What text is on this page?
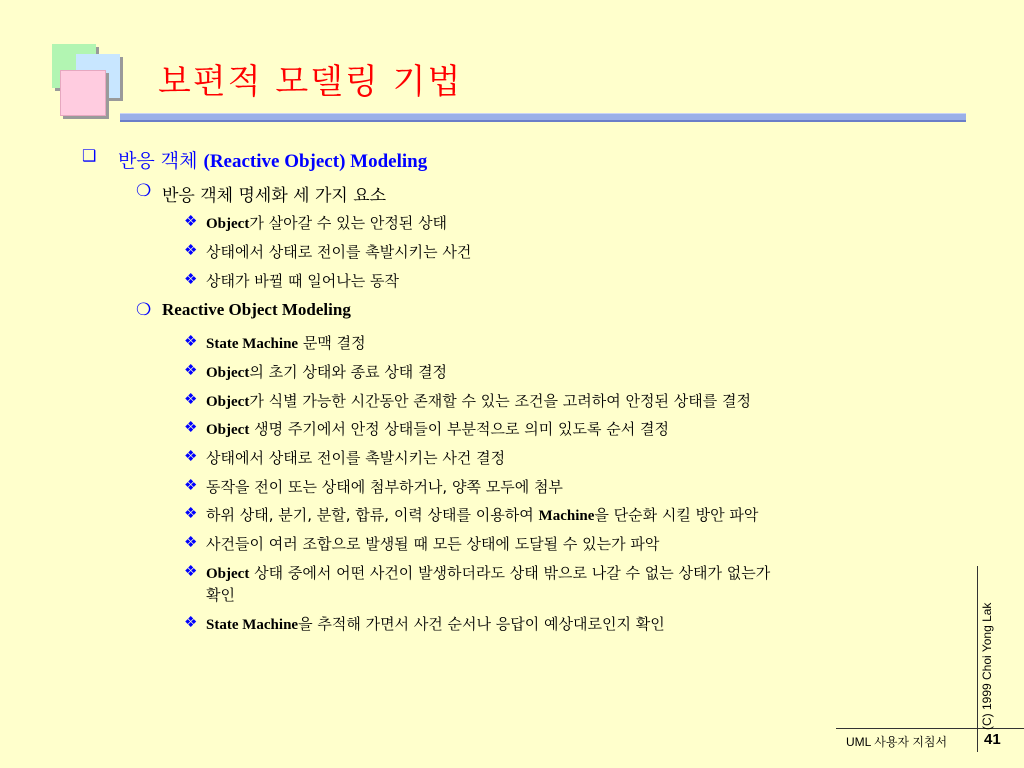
보편적 모델링 기법
❑ 반응 객체 (Reactive Object) Modeling
❍ 반응 객체 명세화 세 가지 요소
❖ Object가 살아갈 수 있는 안정된 상태
❖ 상태에서 상태로 전이를 촉발시키는 사건
❖ 상태가 바뀔 때 일어나는 동작
❍ Reactive Object Modeling
❖ State Machine 문맥 결정
❖ Object의 초기 상태와 종료 상태 결정
❖ Object가 식별 가능한 시간동안 존재할 수 있는 조건을 고려하여 안정된 상태를 결정
❖ Object 생명 주기에서 안정 상태들이 부분적으로 의미 있도록 순서 결정
❖ 상태에서 상태로 전이를 촉발시키는 사건 결정
❖ 동작을 전이 또는 상태에 첨부하거나, 양쪽 모두에 첨부
❖ 하위 상태, 분기, 분할, 합류, 이력 상태를 이용하여 Machine을 단순화 시킬 방안 파악
❖ 사건들이 여러 조합으로 발생될 때 모든 상태에 도달될 수 있는가 파악
❖ Object 상태 중에서 어떤 사건이 발생하더라도 상태 밖으로 나갈 수 없는 상태가 없는가
확인
❖ State Machine을 추적해 가면서 사건 순서나 응답이 예상대로인지 확인	(C) 1999 Choi Yong Lak
UML 사용자 지침서 41
